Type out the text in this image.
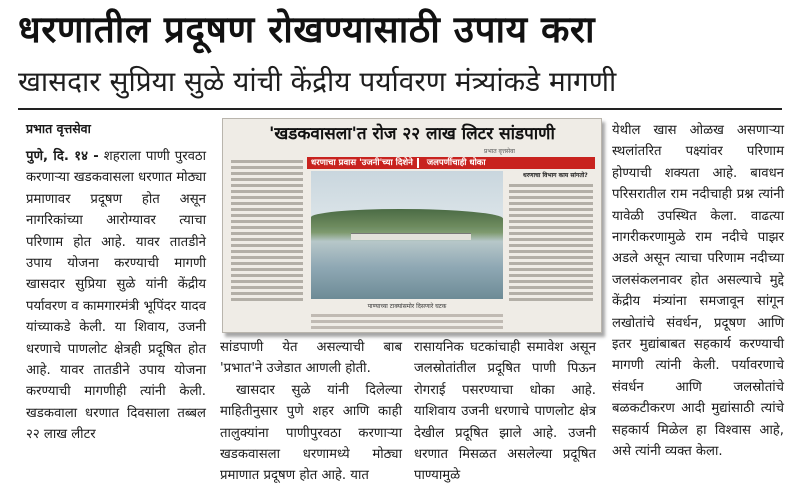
धरणातील प्रदूषण रोखण्यासाठी उपाय करा
खासदार सुप्रिया सुळे यांची केंद्रीय पर्यावरण मंत्र्यांकडे मागणी
प्रभात वृत्तसेवा

पुणे, दि. १४ - शहराला पाणी पुरवठा करणाऱ्या खडकवासला धरणात मोठ्या प्रमाणावर प्रदूषण होत असून नागरिकांच्या आरोग्यावर त्याचा परिणाम होत आहे. यावर तातडीने उपाय योजना करण्याची मागणी खासदार सुप्रिया सुळे यांनी केंद्रीय पर्यावरण व कामगारमंत्री भूपिंदर यादव यांच्याकडे केली. या शिवाय, उजनी धरणाचे पाणलोट क्षेत्रही प्रदूषित होत आहे. यावर तातडीने उपाय योजना करण्याची मागणीही त्यांनी केली. खडकवाला धरणात दिवसाला तब्बल २२ लाख लीटर

'खडकवासला'त रोज २२ लाख लिटर सांडपाणी
प्रभात वृत्तसेवा
धरणाचा प्रवास 'उजनी'च्या दिशेने जलपर्णीचाही धोका
पाण्याच्या टाक्यांसमोर दिसणारे घटक
धरणाचा विभाग काय सांगतो?

सांडपाणी येत असल्याची बाब 'प्रभात'ने उजेडात आणली होती.

खासदार सुळे यांनी दिलेल्या माहितीनुसार पुणे शहर आणि काही तालुक्यांना पाणीपुरवठा करणाऱ्या खडकवासला धरणामध्ये मोठ्या प्रमाणात प्रदूषण होत आहे. यात

रासायनिक घटकांचाही समावेश असून जलस्रोतांतील प्रदूषित पाणी पिऊन रोगराई पसरण्याचा धोका आहे. याशिवाय उजनी धरणाचे पाणलोट क्षेत्र देखील प्रदूषित झाले आहे. उजनी धरणात मिसळत असलेल्या प्रदूषित पाण्यामुळे

येथील खास ओळख असणाऱ्या स्थलांतरित पक्ष्यांवर परिणाम होण्याची शक्यता आहे. बावधन परिसरातील राम नदीचाही प्रश्न त्यांनी यावेळी उपस्थित केला. वाढत्या नागरीकरणामुळे राम नदीचे पाझर अडले असून त्याचा परिणाम नदीच्या जलसंकलनावर होत असल्याचे मुद्दे केंद्रीय मंत्र्यांना समजावून सांगून लखोतांचे संवर्धन, प्रदूषण आणि इतर मुद्यांबाबत सहकार्य करण्याची मागणी त्यांनी केली. पर्यावरणाचे संवर्धन आणि जलस्रोतांचे बळकटीकरण आदी मुद्यांसाठी त्यांचे सहकार्य मिळेल हा विश्वास आहे, असे त्यांनी व्यक्त केला.
